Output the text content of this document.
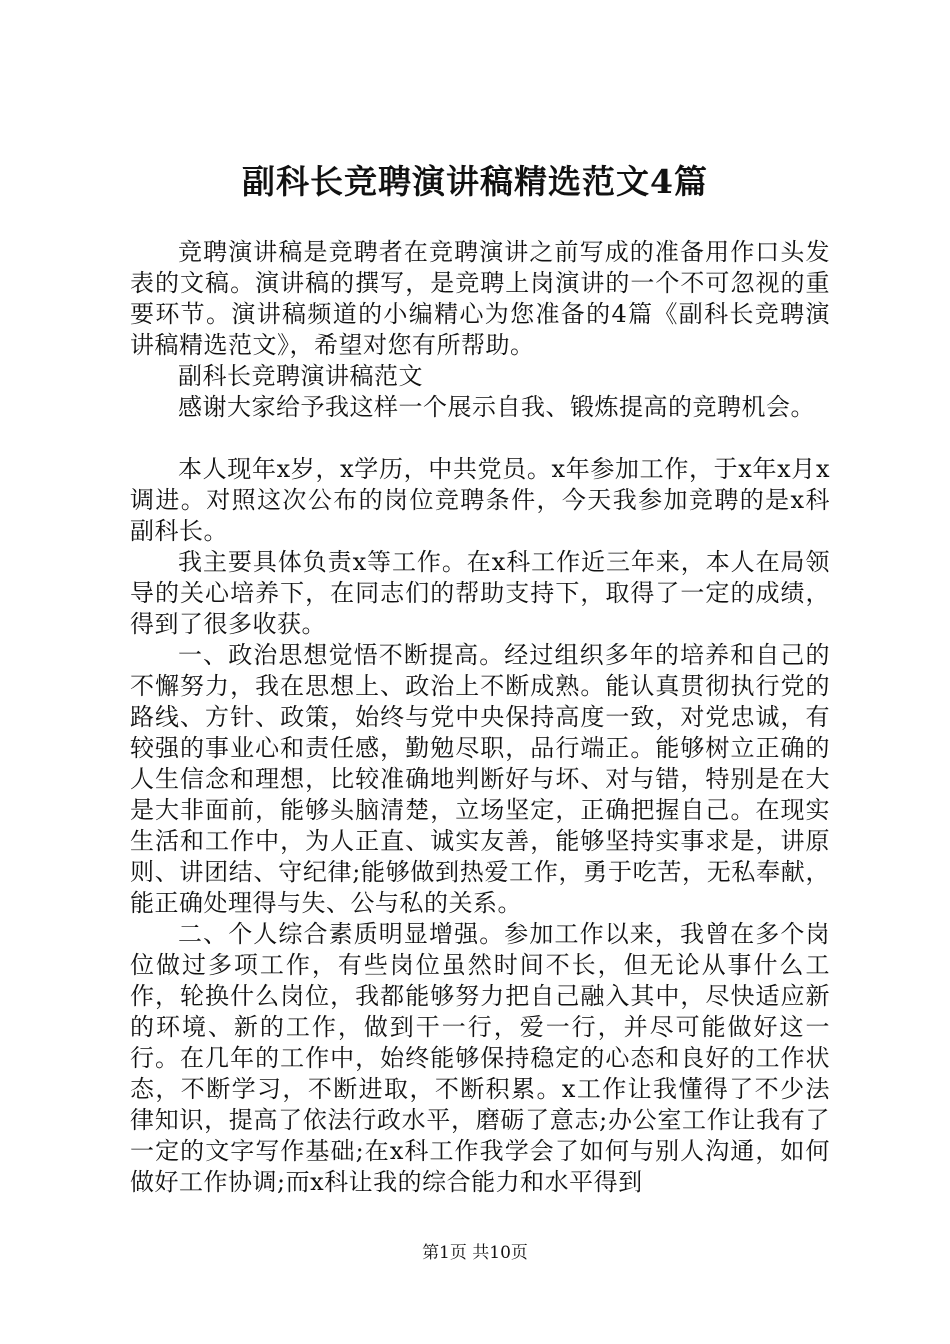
副科长竞聘演讲稿精选范文4篇

竞聘演讲稿是竞聘者在竞聘演讲之前写成的准备用作口头发表的文稿。演讲稿的撰写，是竞聘上岗演讲的一个不可忽视的重要环节。演讲稿频道的小编精心为您准备的4篇《副科长竞聘演讲稿精选范文》，希望对您有所帮助。

副科长竞聘演讲稿范文

感谢大家给予我这样一个展示自我、锻炼提高的竞聘机会。

本人现年x岁，x学历，中共党员。x年参加工作，于x年x月x调进。对照这次公布的岗位竞聘条件，今天我参加竞聘的是x科副科长。

我主要具体负责x等工作。在x科工作近三年来，本人在局领导的关心培养下，在同志们的帮助支持下，取得了一定的成绩，得到了很多收获。

一、政治思想觉悟不断提高。经过组织多年的培养和自己的不懈努力，我在思想上、政治上不断成熟。能认真贯彻执行党的路线、方针、政策，始终与党中央保持高度一致，对党忠诚，有较强的事业心和责任感，勤勉尽职，品行端正。能够树立正确的人生信念和理想，比较准确地判断好与坏、对与错，特别是在大是大非面前，能够头脑清楚，立场坚定，正确把握自己。在现实生活和工作中，为人正直、诚实友善，能够坚持实事求是，讲原则、讲团结、守纪律;能够做到热爱工作，勇于吃苦，无私奉献，能正确处理得与失、公与私的关系。

二、个人综合素质明显增强。参加工作以来，我曾在多个岗位做过多项工作，有些岗位虽然时间不长，但无论从事什么工作，轮换什么岗位，我都能够努力把自己融入其中，尽快适应新的环境、新的工作，做到干一行，爱一行，并尽可能做好这一行。在几年的工作中，始终能够保持稳定的心态和良好的工作状态，不断学习，不断进取，不断积累。x工作让我懂得了不少法律知识，提高了依法行政水平，磨砺了意志;办公室工作让我有了一定的文字写作基础;在x科工作我学会了如何与别人沟通，如何做好工作协调;而x科让我的综合能力和水平得到

第1页 共10页
